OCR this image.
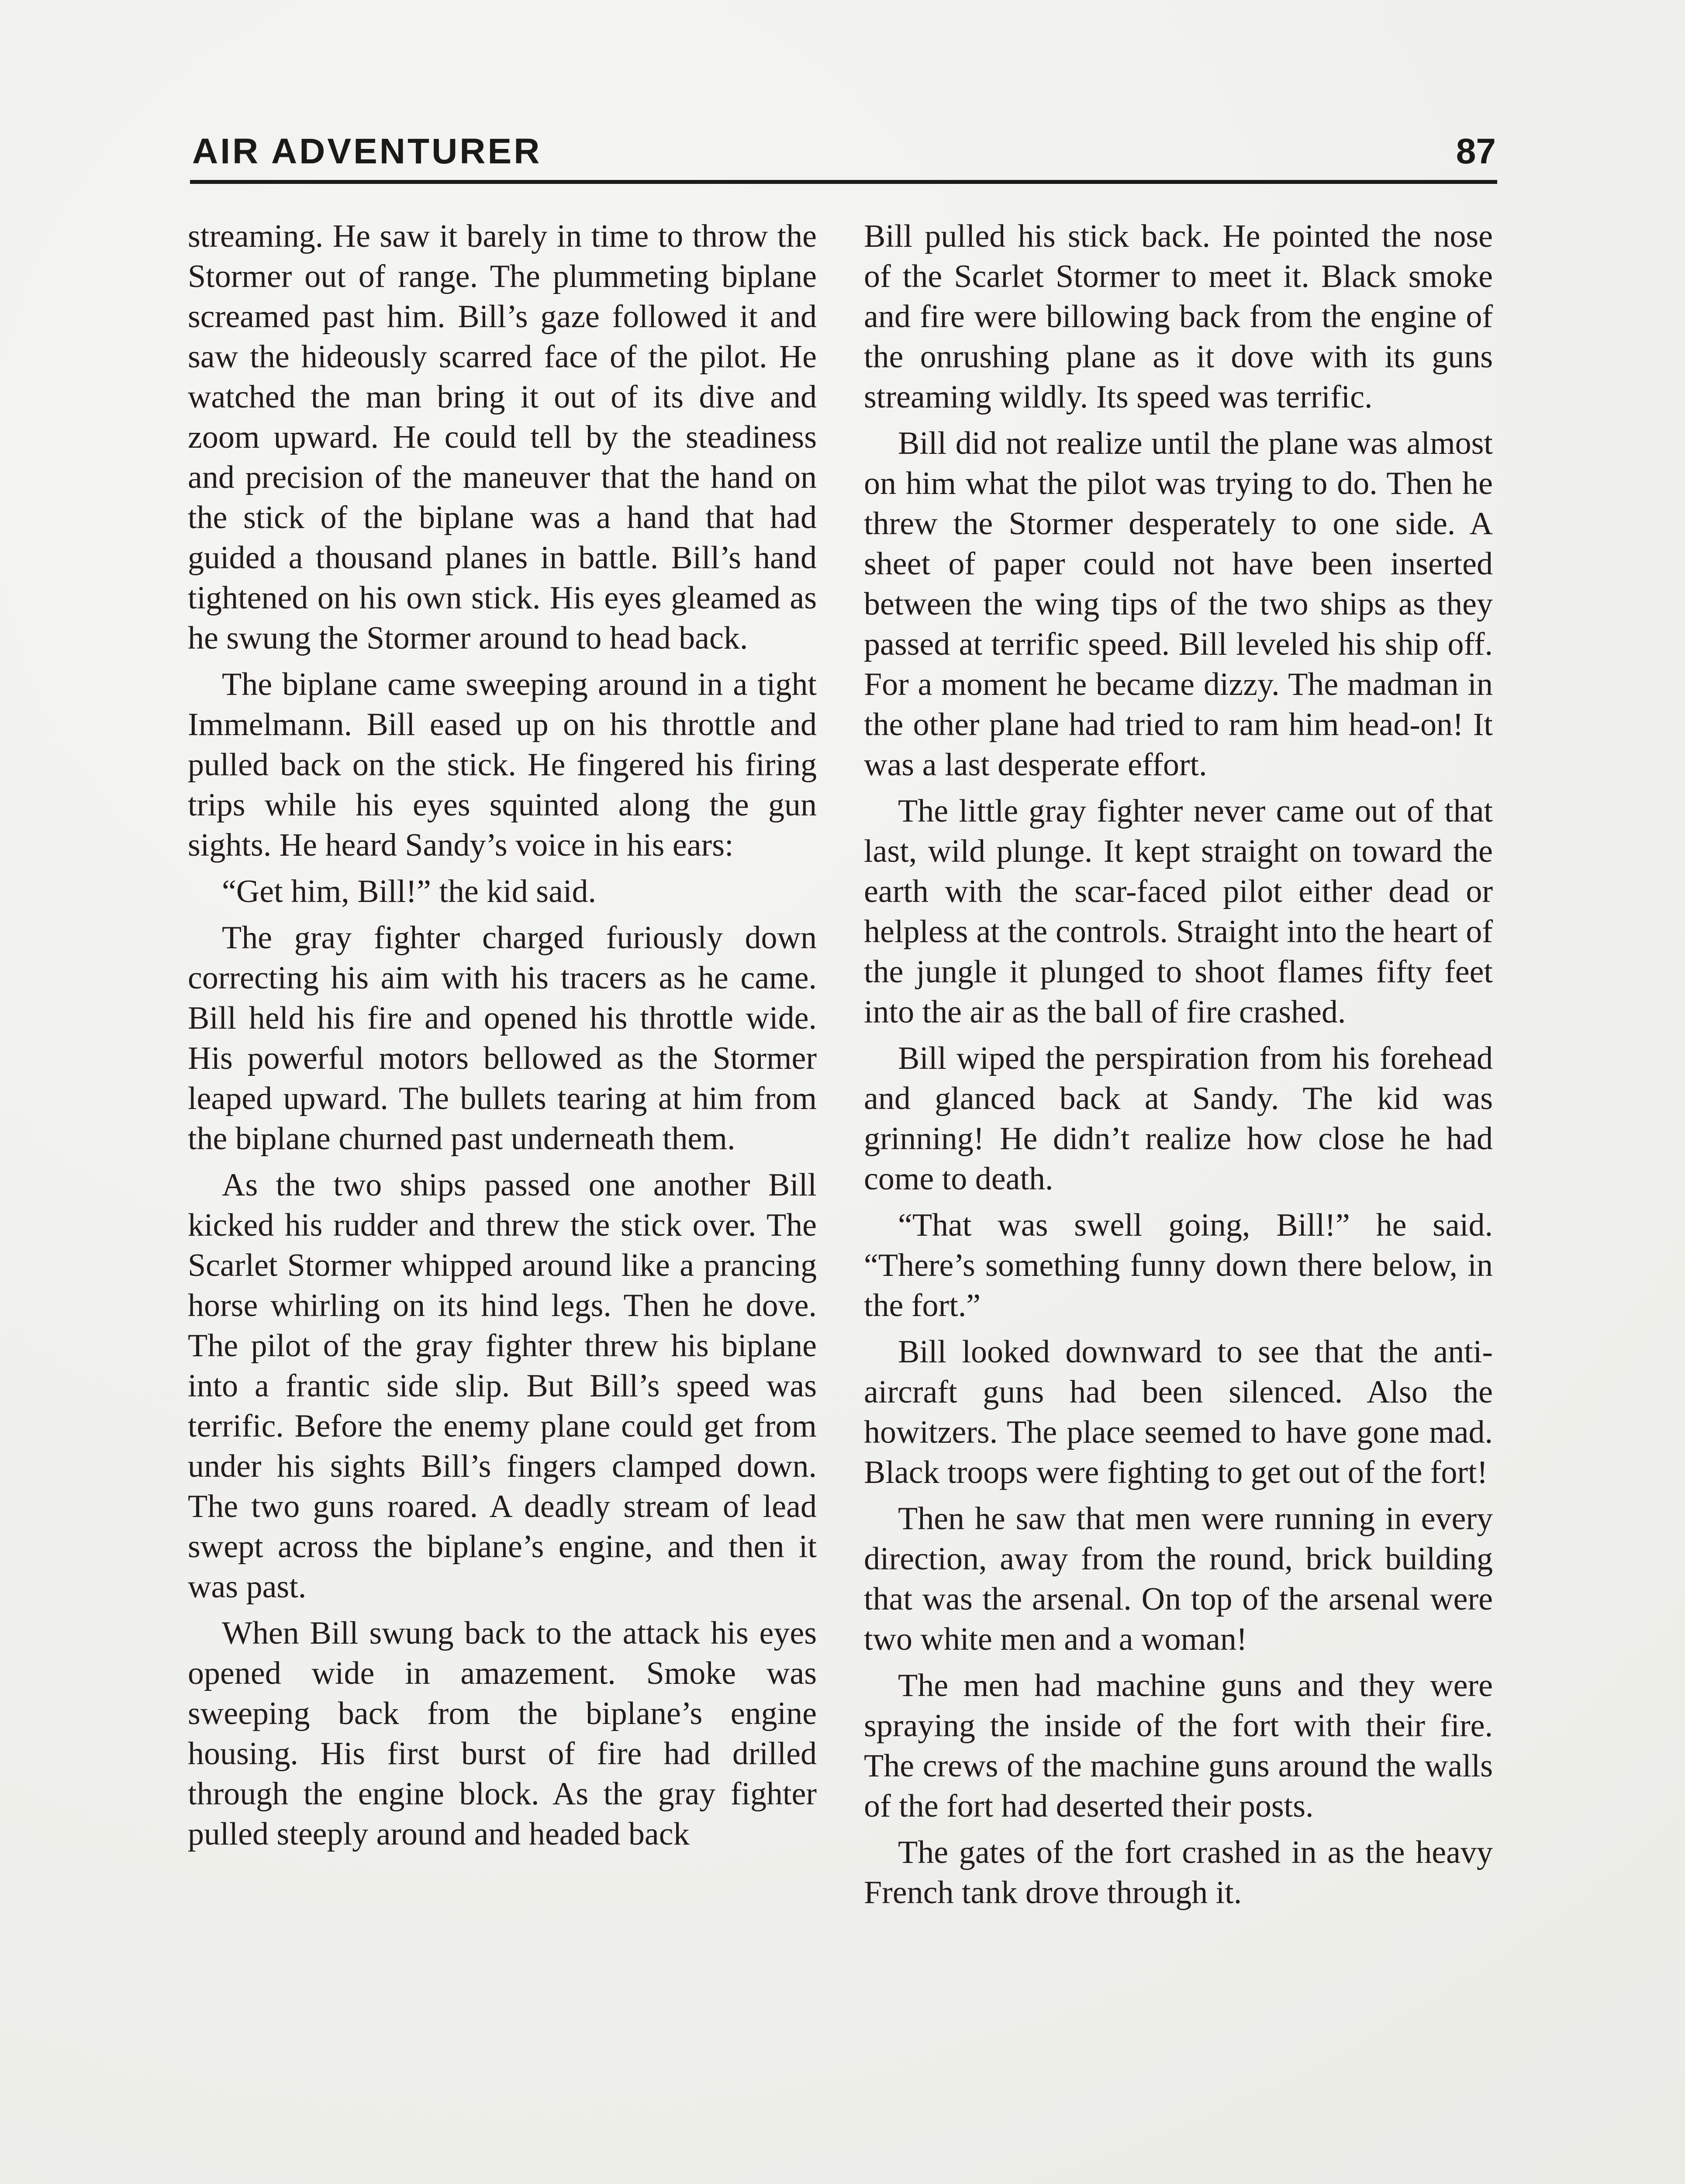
AIR ADVENTURER	87

streaming. He saw it barely in time to throw the Stormer out of range. The plummeting biplane screamed past him. Bill’s gaze followed it and saw the hideously scarred face of the pilot. He watched the man bring it out of its dive and zoom upward. He could tell by the steadiness and precision of the maneuver that the hand on the stick of the biplane was a hand that had guided a thousand planes in battle. Bill’s hand tightened on his own stick. His eyes gleamed as he swung the Stormer around to head back.

The biplane came sweeping around in a tight Immelmann. Bill eased up on his throttle and pulled back on the stick. He fingered his firing trips while his eyes squinted along the gun sights. He heard Sandy’s voice in his ears:

“Get him, Bill!” the kid said.

The gray fighter charged furiously down correcting his aim with his tracers as he came. Bill held his fire and opened his throttle wide. His powerful motors bellowed as the Stormer leaped upward. The bullets tearing at him from the biplane churned past underneath them.

As the two ships passed one another Bill kicked his rudder and threw the stick over. The Scarlet Stormer whipped around like a prancing horse whirling on its hind legs. Then he dove. The pilot of the gray fighter threw his biplane into a frantic side slip. But Bill’s speed was terrific. Before the enemy plane could get from under his sights Bill’s fingers clamped down. The two guns roared. A deadly stream of lead swept across the biplane’s engine, and then it was past.

When Bill swung back to the attack his eyes opened wide in amazement. Smoke was sweeping back from the biplane’s engine housing. His first burst of fire had drilled through the engine block. As the gray fighter pulled steeply around and headed back

Bill pulled his stick back. He pointed the nose of the Scarlet Stormer to meet it. Black smoke and fire were billowing back from the engine of the onrushing plane as it dove with its guns streaming wildly. Its speed was terrific.

Bill did not realize until the plane was almost on him what the pilot was trying to do. Then he threw the Stormer desperately to one side. A sheet of paper could not have been inserted between the wing tips of the two ships as they passed at terrific speed. Bill leveled his ship off. For a moment he became dizzy. The madman in the other plane had tried to ram him head-on! It was a last desperate effort.

The little gray fighter never came out of that last, wild plunge. It kept straight on toward the earth with the scar-faced pilot either dead or helpless at the controls. Straight into the heart of the jungle it plunged to shoot flames fifty feet into the air as the ball of fire crashed.

Bill wiped the perspiration from his forehead and glanced back at Sandy. The kid was grinning! He didn’t realize how close he had come to death.

“That was swell going, Bill!” he said. “There’s something funny down there below, in the fort.”

Bill looked downward to see that the anti-aircraft guns had been silenced. Also the howitzers. The place seemed to have gone mad. Black troops were fighting to get out of the fort!

Then he saw that men were running in every direction, away from the round, brick building that was the arsenal. On top of the arsenal were two white men and a woman!

The men had machine guns and they were spraying the inside of the fort with their fire. The crews of the machine guns around the walls of the fort had deserted their posts.

The gates of the fort crashed in as the heavy French tank drove through it.
